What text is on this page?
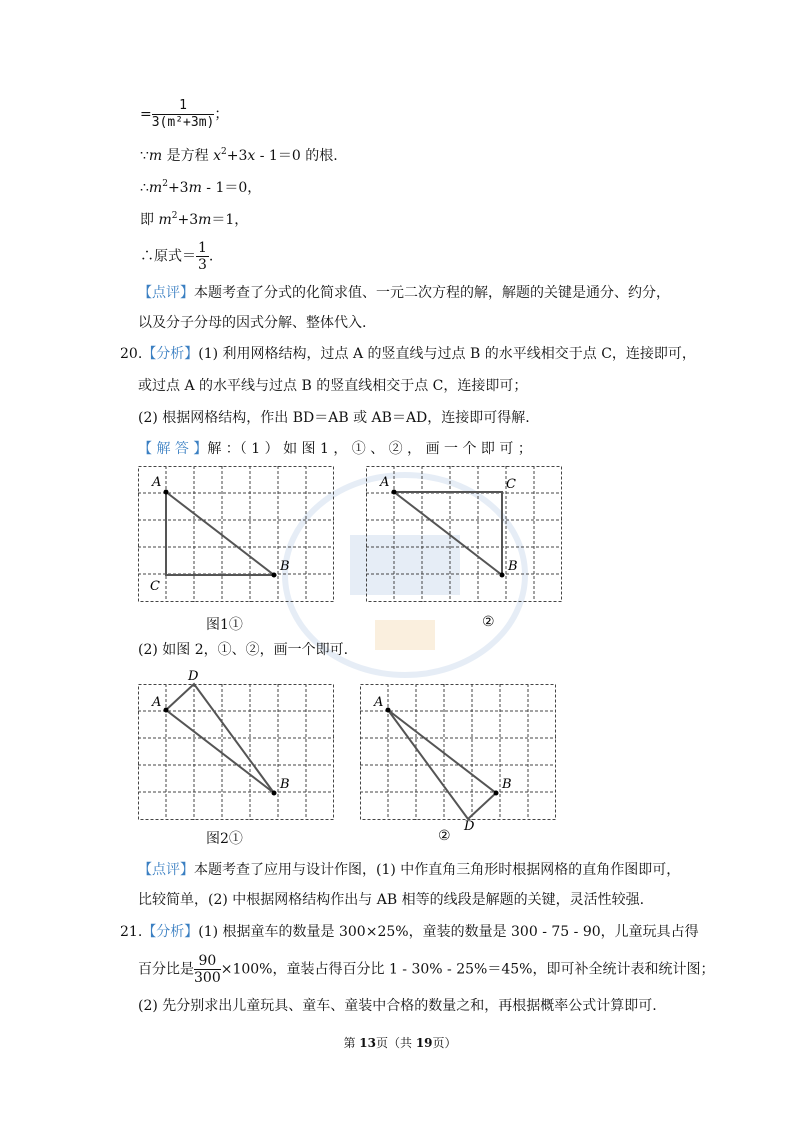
= $\frac{1}{\text{3(m²+3m)}}$ ；
∵m 是方程 $x^2+3x - 1=0$ 的根.
$\therefore m^2+3m - 1=0$，
即 $m^2+3m=1$，
∴原式＝ $\frac{1}{3}$ .
【点评】本题考查了分式的化简求值、一元二次方程的解，解题的关键是通分、约分，
以及分子分母的因式分解、整体代入.
20.【分析】(1) 利用网格结构，过点 A 的竖直线与过点 B 的水平线相交于点 C，连接即可，
或过点 A 的水平线与过点 B 的竖直线相交于点 C，连接即可；
(2) 根据网格结构，作出 BD＝AB 或 AB＝AD，连接即可得解.
【 解 答 】解 ：（ 1 ） 如 图 1 ， ① 、 ② ， 画 一 个 即 可 ；
A
B
C
图1①
A	C
B
②
(2) 如图 2，①、②，画一个即可.
A
D
B
图2①
A
B
D
②
【点评】本题考查了应用与设计作图，(1) 中作直角三角形时根据网格的直角作图即可，
比较简单，(2) 中根据网格结构作出与 AB 相等的线段是解题的关键，灵活性较强.
21.【分析】(1) 根据童车的数量是 300×25%，童装的数量是 300 - 75 - 90，儿童玩具占得
百分比是 $\frac{90}{300} \times 100\%$，童装占得百分比 1 - 30% - 25%＝45%，即可补全统计表和统计图；
(2) 先分别求出儿童玩具、童车、童装中合格的数量之和，再根据概率公式计算即可.
第 13页（共 19页）
